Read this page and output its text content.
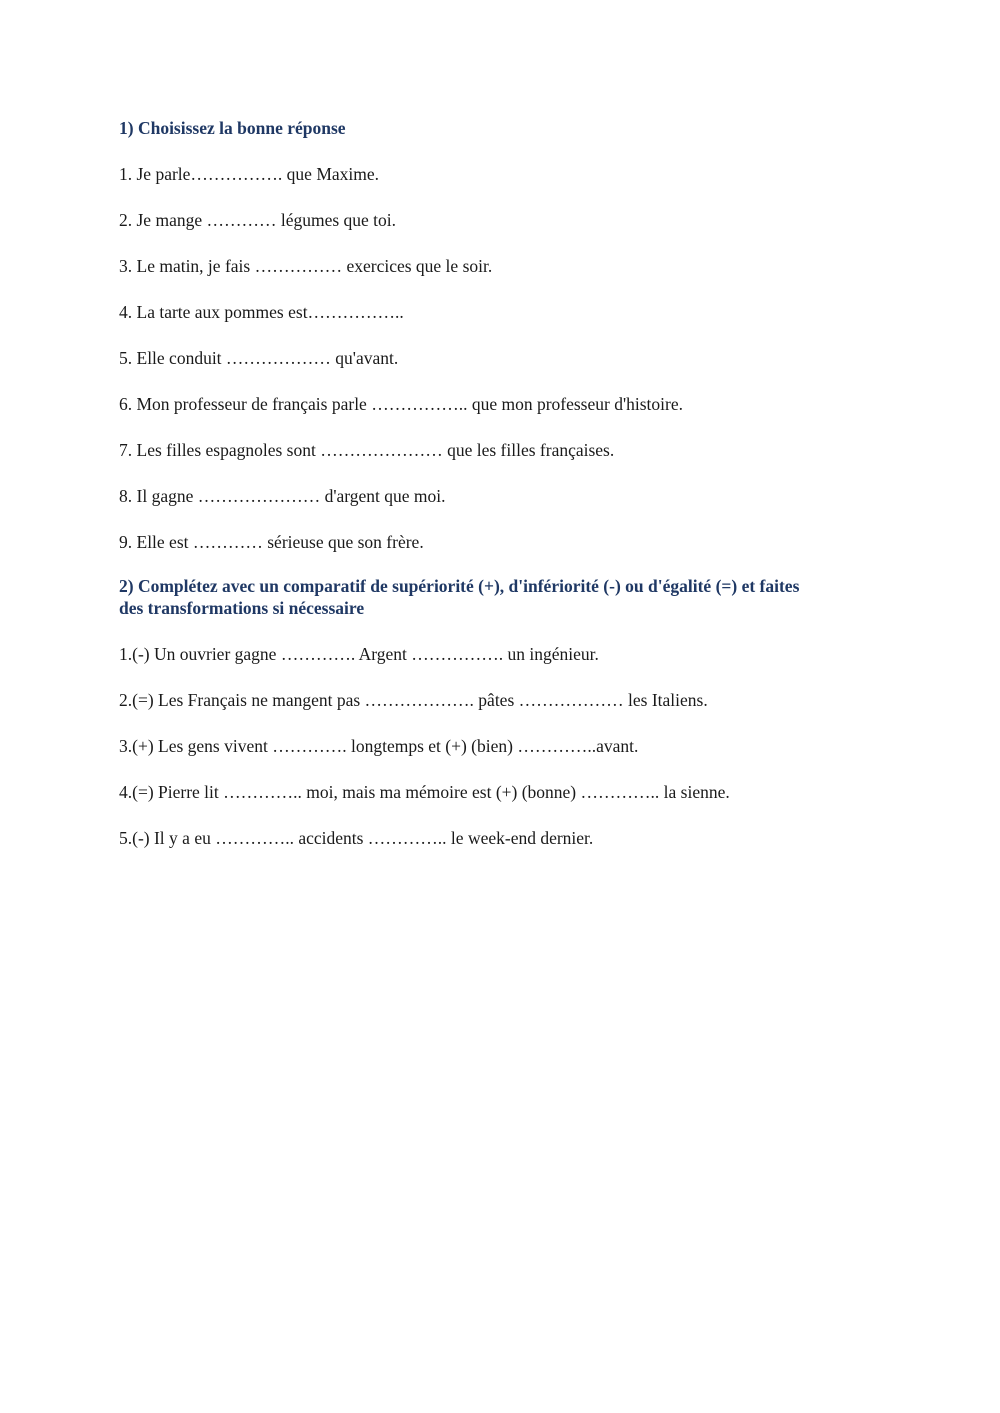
1) Choisissez la bonne réponse
1. Je parle……………. que Maxime.
2. Je mange ………… légumes que toi.
3. Le matin, je fais …………… exercices que le soir.
4. La tarte aux pommes est……………..
5. Elle conduit ……………… qu'avant.
6. Mon professeur de français parle …………….. que mon professeur d'histoire.
7. Les filles espagnoles sont ………………… que les filles françaises.
8. Il gagne ………………… d'argent que moi.
9. Elle est ………… sérieuse que son frère.
2) Complétez avec un comparatif de supériorité (+), d'infériorité (-) ou d'égalité (=) et faites
des transformations si nécessaire
1.(-) Un ouvrier gagne …………. Argent ……………. un ingénieur.
2.(=) Les Français ne mangent pas ………………. pâtes ……………… les Italiens.
3.(+) Les gens vivent …………. longtemps et (+) (bien) …………..avant.
4.(=) Pierre lit ………….. moi, mais ma mémoire est (+) (bonne) ………….. la sienne.
5.(-) Il y a eu ………….. accidents ………….. le week-end dernier.
